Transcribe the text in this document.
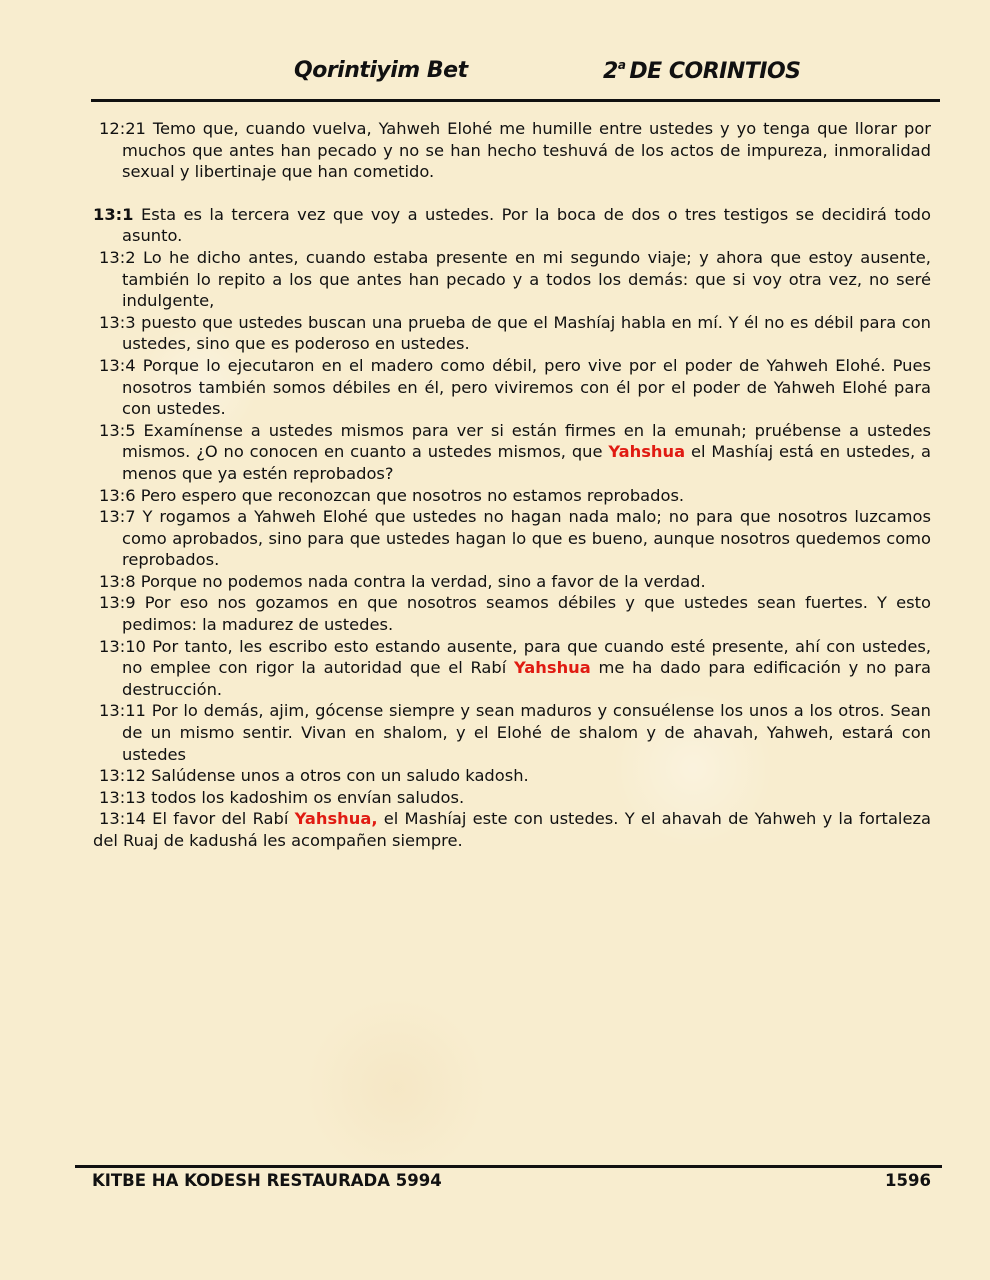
Qorintiyim Bet	2$^a$ DE CORINTIOS

12:21 Temo que, cuando vuelva, Yahweh Elohé me humille entre ustedes y yo tenga que llorar por muchos que antes han pecado y no se han hecho teshuvá de los actos de impureza, inmoralidad sexual y libertinaje que han cometido.

13:1 Esta es la tercera vez que voy a ustedes. Por la boca de dos o tres testigos se decidirá todo asunto.

13:2 Lo he dicho antes, cuando estaba presente en mi segundo viaje; y ahora que estoy ausente, también lo repito a los que antes han pecado y a todos los demás: que si voy otra vez, no seré indulgente,

13:3 puesto que ustedes buscan una prueba de que el Mashíaj habla en mí. Y él no es débil para con ustedes, sino que es poderoso en ustedes.

13:4 Porque lo ejecutaron en el madero como débil, pero vive por el poder de Yahweh Elohé. Pues nosotros también somos débiles en él, pero viviremos con él por el poder de Yahweh Elohé para con ustedes.

13:5 Examínense a ustedes mismos para ver si están firmes en la emunah; pruébense a ustedes mismos. ¿O no conocen en cuanto a ustedes mismos, que Yahshua el Mashíaj está en ustedes, a menos que ya estén reprobados?

13:6 Pero espero que reconozcan que nosotros no estamos reprobados.

13:7 Y rogamos a Yahweh Elohé que ustedes no hagan nada malo; no para que nosotros luzcamos como aprobados, sino para que ustedes hagan lo que es bueno, aunque nosotros quedemos como reprobados.

13:8 Porque no podemos nada contra la verdad, sino a favor de la verdad.

13:9 Por eso nos gozamos en que nosotros seamos débiles y que ustedes sean fuertes. Y esto pedimos: la madurez de ustedes.

13:10 Por tanto, les escribo esto estando ausente, para que cuando esté presente, ahí con ustedes, no emplee con rigor la autoridad que el Rabí Yahshua me ha dado para edificación y no para destrucción.

13:11 Por lo demás, ajim, gócense siempre y sean maduros y consuélense los unos a los otros. Sean de un mismo sentir. Vivan en shalom, y el Elohé de shalom y de ahavah, Yahweh, estará con ustedes

13:12 Salúdense unos a otros con un saludo kadosh.

13:13 todos los kadoshim os envían saludos.

13:14 El favor del Rabí Yahshua, el Mashíaj este con ustedes. Y el ahavah de Yahweh y la fortaleza del Ruaj de kadushá les acompañen siempre.

KITBE HA KODESH RESTAURADA 5994	1596
